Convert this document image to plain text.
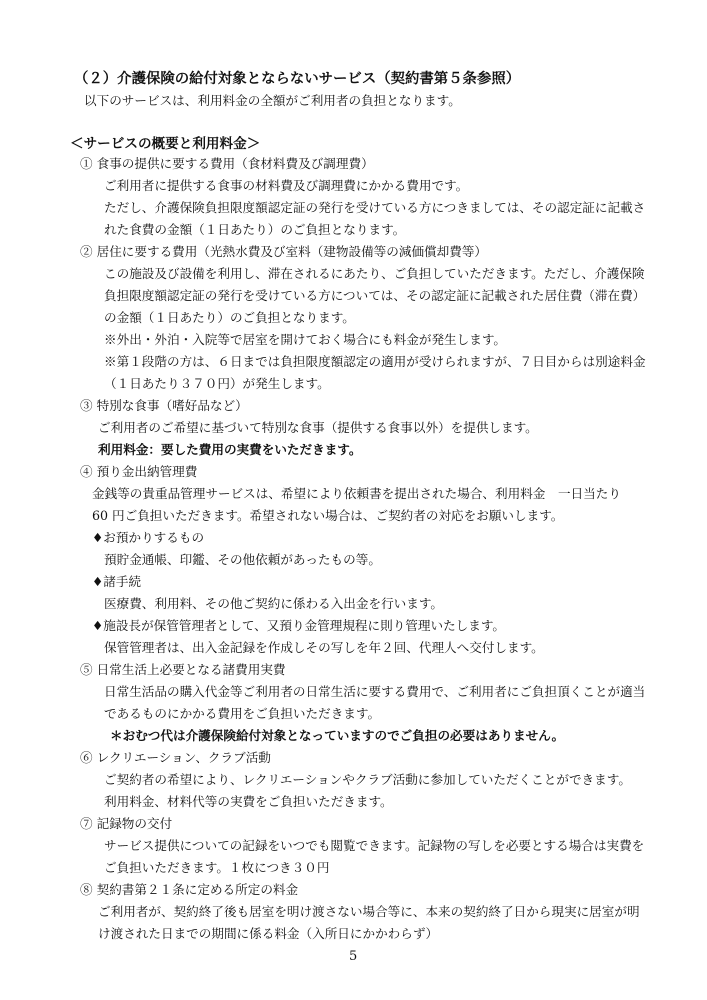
（２）介護保険の給付対象とならないサービス（契約書第５条参照）
以下のサービスは、利用料金の全額がご利用者の負担となります。
＜サービスの概要と利用料金＞
① 食事の提供に要する費用（食材料費及び調理費）
ご利用者に提供する食事の材料費及び調理費にかかる費用です。
ただし、介護保険負担限度額認定証の発行を受けている方につきましては、その認定証に記載さ
れた食費の金額（１日あたり）のご負担となります。
② 居住に要する費用（光熱水費及び室料（建物設備等の減価償却費等）
この施設及び設備を利用し、滞在されるにあたり、ご負担していただきます。ただし、介護保険
負担限度額認定証の発行を受けている方については、その認定証に記載された居住費（滞在費）
の金額（１日あたり）のご負担となります。
※外出・外泊・入院等で居室を開けておく場合にも料金が発生します。
※第１段階の方は、６日までは負担限度額認定の適用が受けられますが、７日目からは別途料金
（１日あたり３７０円）が発生します。
③ 特別な食事（嗜好品など）
ご利用者のご希望に基づいて特別な食事（提供する食事以外）を提供します。
利用料金：要した費用の実費をいただきます。
④ 預り金出納管理費
金銭等の貴重品管理サービスは、希望により依頼書を提出された場合、利用料金　一日当たり
60 円ご負担いただきます。希望されない場合は、ご契約者の対応をお願いします。
♦お預かりするもの
預貯金通帳、印鑑、その他依頼があったもの等。
♦諸手続
医療費、利用料、その他ご契約に係わる入出金を行います。
♦施設長が保管管理者として、又預り金管理規程に則り管理いたします。
保管管理者は、出入金記録を作成しその写しを年２回、代理人へ交付します。
⑤ 日常生活上必要となる諸費用実費
日常生活品の購入代金等ご利用者の日常生活に要する費用で、ご利用者にご負担頂くことが適当
であるものにかかる費用をご負担いただきます。
＊おむつ代は介護保険給付対象となっていますのでご負担の必要はありません。
⑥ レクリエーション、クラブ活動
ご契約者の希望により、レクリエーションやクラブ活動に参加していただくことができます。
利用料金、材料代等の実費をご負担いただきます。
⑦ 記録物の交付
サービス提供についての記録をいつでも閲覧できます。記録物の写しを必要とする場合は実費を
ご負担いただきます。１枚につき３０円
⑧ 契約書第２１条に定める所定の料金
ご利用者が、契約終了後も居室を明け渡さない場合等に、本来の契約終了日から現実に居室が明
け渡された日までの期間に係る料金（入所日にかかわらず）
5
